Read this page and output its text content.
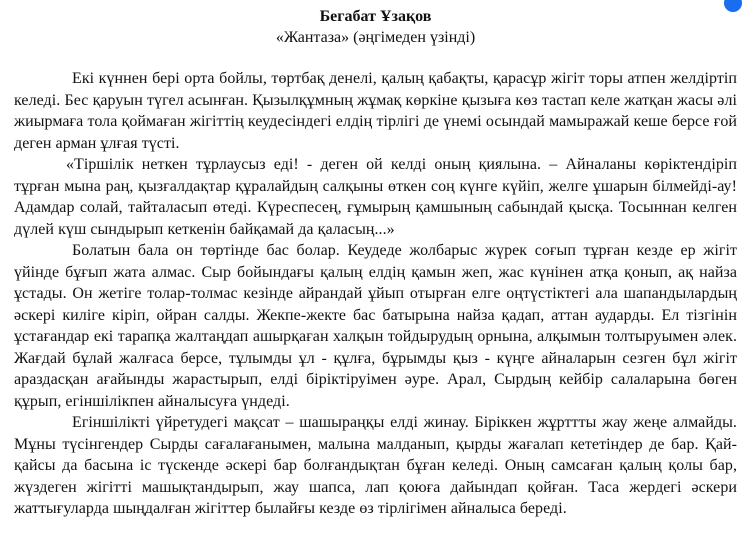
Бегабат Ұзақов

«Жантаза» (әңгімеден үзінді)

Екі күннен бері орта бойлы, төртбақ денелі, қалың қабақты, қарасұр жігіт торы атпен желдіртіп келеді. Бес қаруын түгел асынған. Қызылқұмның жұмақ көркіне қызыға көз тастап келе жатқан жасы әлі жиырмаға тола қоймаған жігіттің кеудесіндегі елдің тірлігі де үнемі осындай мамыражай кеше берсе ғой деген арман ұлғая түсті.

«Тіршілік неткен тұрлаусыз еді! - деген ой келді оның қиялына. – Айналаны көріктендіріп тұрған мына раң, қызғалдақтар құралайдың салқыны өткен соң күнге күйіп, желге ұшарын білмейді-ау! Адамдар солай, тайталасып өтеді. Күреспесең, ғұмырың қамшының сабындай қысқа. Тосыннан келген дүлей күш сындырып кеткенін байқамай да қаласың...»

Болатын бала он төртінде бас болар. Кеудеде жолбарыс жүрек соғып тұрған кезде ер жігіт үйінде бұғып жата алмас. Сыр бойындағы қалың елдің қамын жеп, жас күнінен атқа қонып, ақ найза ұстады. Он жетіге толар-толмас кезінде айрандай ұйып отырған елге оңтүстіктегі ала шапандылардың әскері килігe кіріп, ойран салды. Жекпе-жекте бас батырына найза қадап, аттан аударды. Ел тізгінін ұстағандар екі тарапқа жалтаңдап ашырқаған халқын тойдырудың орнына, алқымын толтыруымен әлек. Жағдай бұлай жалғаса берсе, тұлымды ұл - құлға, бұрымды қыз - күңге айналарын сезген бұл жігіт араздасқан ағайынды жарастырып, елді біріктіруімен әуре. Арал, Сырдың кейбір салаларына бөген құрып, егіншілікпен айналысуға үндеді.

Егіншілікті үйретудегі мақсат – шашыраңқы елді жинау. Біріккен жұрттты жау жеңе алмайды. Мұны түсінгендер Сырды сағалағанымен, малына малданып, қырды жағалап кететіндер де бар. Қай-қайсы да басына іс түскенде әскері бар болғандықтан бұған келеді. Оның самсаған қалың қолы бар, жүздеген жігітті машықтандырып, жау шапса, лап қоюға дайындап қойған. Таса жердегі әскери жаттығуларда шыңдалған жігіттер былайғы кезде өз тірлігімен айналыса береді.
